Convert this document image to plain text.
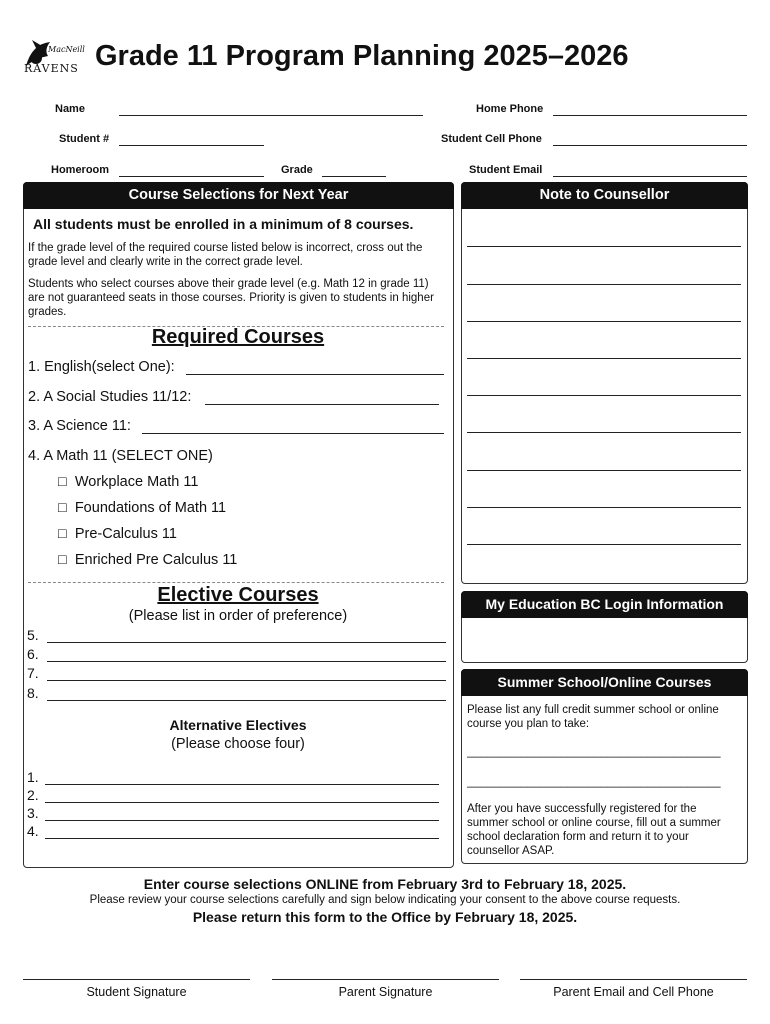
MacNeill
RAVENS Grade 11 Program Planning 2025–2026
Name	Home Phone
Student #	Student Cell Phone
Homeroom	Grade	Student Email
Course Selections for Next Year
All students must be enrolled in a minimum of 8 courses.
If the grade level of the required course listed below is incorrect, cross out the grade level and clearly write in the correct grade level.
Students who select courses above their grade level (e.g. Math 12 in grade 11) are not guaranteed seats in those courses. Priority is given to students in higher grades.
Required Courses
1. English(select One):
2. A Social Studies 11/12:
3. A Science 11:
4. A Math 11 (SELECT ONE)
□ Workplace Math 11
□ Foundations of Math 11
□ Pre-Calculus 11
□ Enriched Pre Calculus 11
Elective Courses
(Please list in order of preference)
5.
6.
7.
8.
Alternative Electives
(Please choose four)
1.
2.
3.
4.
Note to Counsellor
My Education BC Login Information
Summer School/Online Courses
Please list any full credit summer school or online course you plan to take:
______________________________________
______________________________________
After you have successfully registered for the summer school or online course, fill out a summer school declaration form and return it to your counsellor ASAP.
Enter course selections ONLINE from February 3rd to February 18, 2025.
Please review your course selections carefully and sign below indicating your consent to the above course requests.
Please return this form to the Office by February 18, 2025.
Student Signature	Parent Signature	Parent Email and Cell Phone
